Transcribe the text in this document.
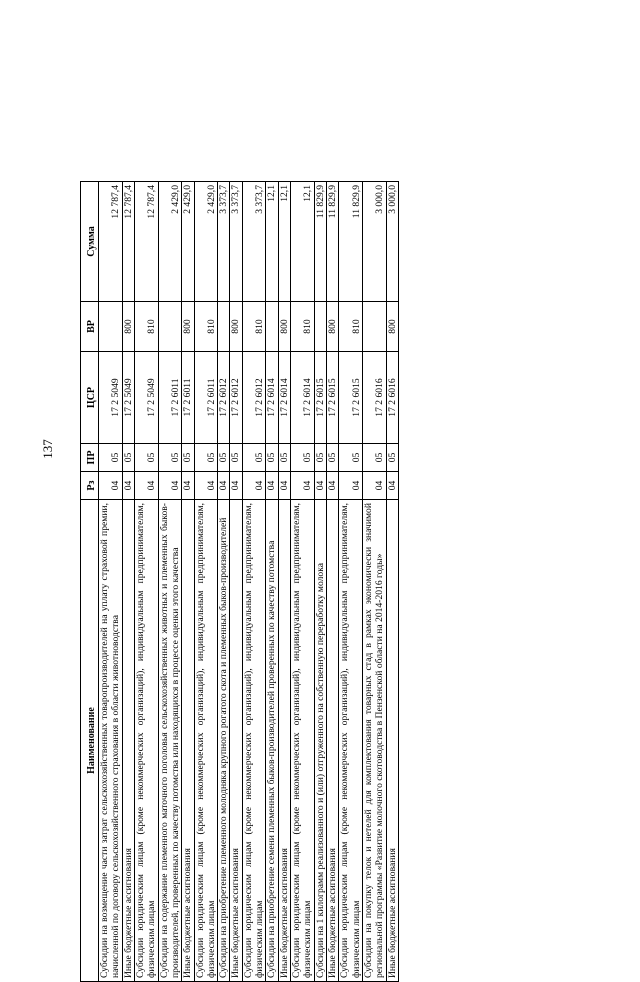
137
Наименование	Рз	ПР	ЦСР	ВР	Сумма
Субсидии на возмещение части затрат сельскохозяйственных товаропроизводителей на уплату страховой премии, начисленной по договору сельскохозяйственного страхования в области животноводства	04	05	17 2 5049		12 787,4
Иные бюджетные ассигнования	04	05	17 2 5049	800	12 787,4
Субсидии юридическим лицам (кроме некоммерческих организаций), индивидуальным предпринимателям, физическим лицам	04	05	17 2 5049	810	12 787,4
Субсидии на содержание племенного маточного поголовья сельскохозяйственных животных и племенных быков-производителей, проверенных по качеству потомства или находящихся в процессе оценки этого качества	04	05	17 2 6011		2 429,0
Иные бюджетные ассигнования	04	05	17 2 6011	800	2 429,0
Субсидии юридическим лицам (кроме некоммерческих организаций), индивидуальным предпринимателям, физическим лицам	04	05	17 2 6011	810	2 429,0
Субсидии на приобретение племенного молодняка крупного рогатого скота и племенных быков-производителей	04	05	17 2 6012		3 373,7
Иные бюджетные ассигнования	04	05	17 2 6012	800	3 373,7
Субсидии юридическим лицам (кроме некоммерческих организаций), индивидуальным предпринимателям, физическим лицам	04	05	17 2 6012	810	3 373,7
Субсидии на приобретение семени племенных быков-производителей проверенных по качеству потомства	04	05	17 2 6014		12,1
Иные бюджетные ассигнования	04	05	17 2 6014	800	12,1
Субсидии юридическим лицам (кроме некоммерческих организаций), индивидуальным предпринимателям, физическим лицам	04	05	17 2 6014	810	12,1
Субсидии на 1 килограмм реализованного и (или) отгруженного на собственную переработку молока	04	05	17 2 6015		11 829,9
Иные бюджетные ассигнования	04	05	17 2 6015	800	11 829,9
Субсидии юридическим лицам (кроме некоммерческих организаций), индивидуальным предпринимателям, физическим лицам	04	05	17 2 6015	810	11 829,9
Субсидии на покупку телок и нетелей для комплектования товарных стад в рамках экономически значимой региональной программы «Развитие молочного скотоводства в Пензенской области на 2014-2016 годы»	04	05	17 2 6016		3 000,0
Иные бюджетные ассигнования	04	05	17 2 6016	800	3 000,0
